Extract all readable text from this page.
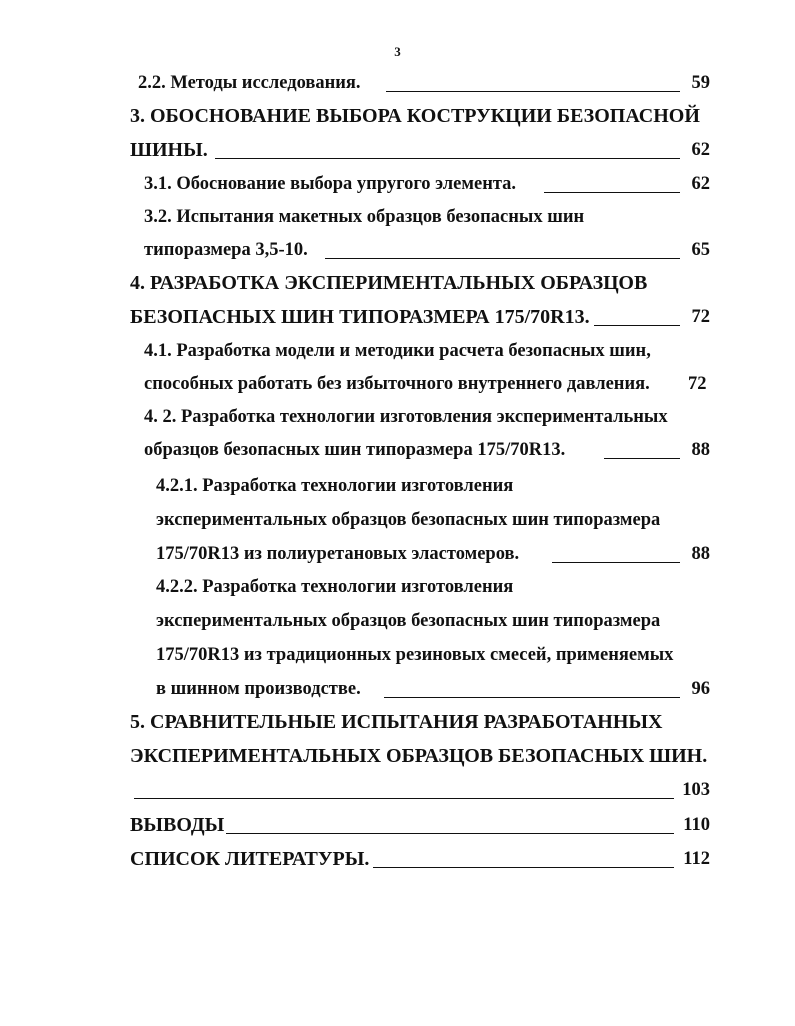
3
2.2. Методы исследования.	59
3. ОБОСНОВАНИЕ ВЫБОРА КОСТРУКЦИИ БЕЗОПАСНОЙ
ШИНЫ.	62
3.1. Обоснование выбора упругого элемента.	62
3.2. Испытания макетных образцов безопасных шин
типоразмера 3,5-10.	65
4. РАЗРАБОТКА ЭКСПЕРИМЕНТАЛЬНЫХ ОБРАЗЦОВ
БЕЗОПАСНЫХ ШИН ТИПОРАЗМЕРА 175/70R13.	72
4.1. Разработка модели и методики расчета безопасных шин,
способных работать без избыточного внутреннего давления. 72
4. 2. Разработка технологии изготовления экспериментальных
образцов безопасных шин типоразмера 175/70R13.	88
4.2.1. Разработка технологии изготовления
экспериментальных образцов безопасных шин типоразмера
175/70R13 из полиуретановых эластомеров.	88
4.2.2. Разработка технологии изготовления
экспериментальных образцов безопасных шин типоразмера
175/70R13 из традиционных резиновых смесей, применяемых
в шинном производстве.	96
5. СРАВНИТЕЛЬНЫЕ ИСПЫТАНИЯ РАЗРАБОТАННЫХ
ЭКСПЕРИМЕНТАЛЬНЫХ ОБРАЗЦОВ БЕЗОПАСНЫХ ШИН.
103
ВЫВОДЫ	110
СПИСОК ЛИТЕРАТУРЫ.	112
